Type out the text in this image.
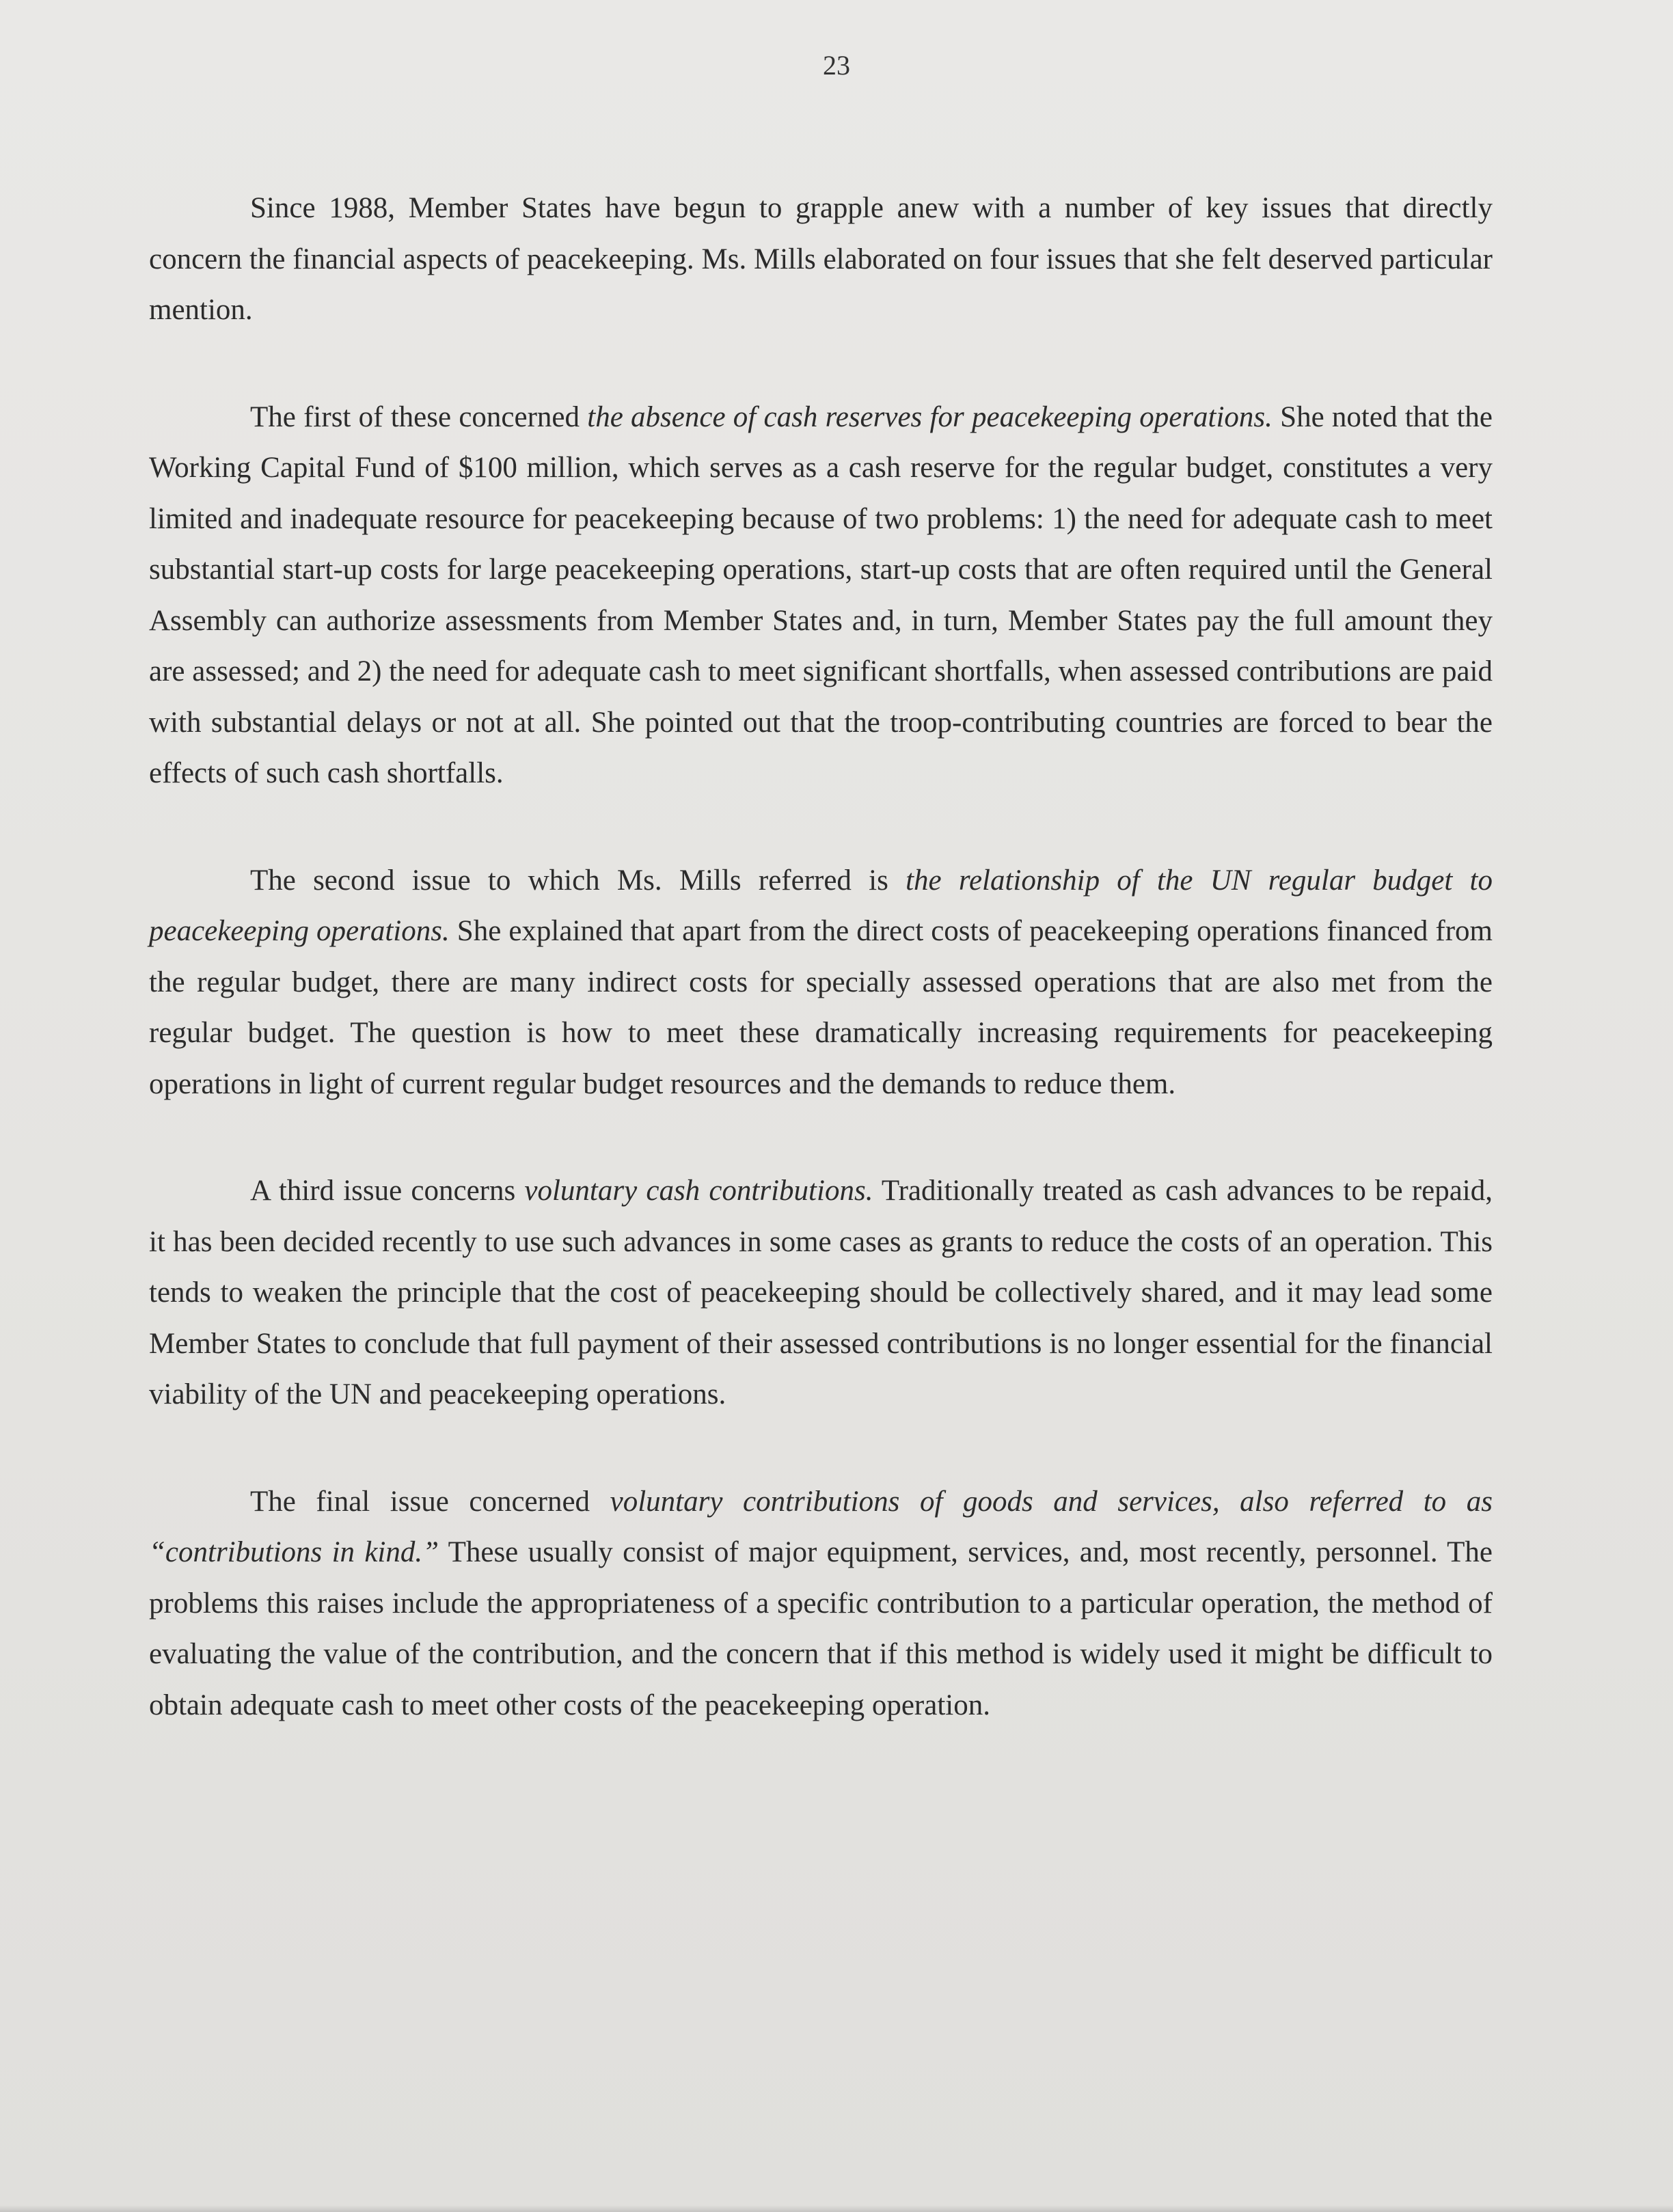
23

Since 1988, Member States have begun to grapple anew with a number of key issues that directly concern the financial aspects of peacekeeping. Ms. Mills elaborated on four issues that she felt deserved particular mention.

The first of these concerned the absence of cash reserves for peacekeeping operations. She noted that the Working Capital Fund of $100 million, which serves as a cash reserve for the regular budget, constitutes a very limited and inadequate resource for peacekeeping because of two problems: 1) the need for adequate cash to meet substantial start-up costs for large peacekeeping operations, start-up costs that are often required until the General Assembly can authorize assessments from Member States and, in turn, Member States pay the full amount they are assessed; and 2) the need for adequate cash to meet significant shortfalls, when assessed contributions are paid with substantial delays or not at all. She pointed out that the troop-contributing countries are forced to bear the effects of such cash shortfalls.

The second issue to which Ms. Mills referred is the relationship of the UN regular budget to peacekeeping operations. She explained that apart from the direct costs of peacekeeping operations financed from the regular budget, there are many indirect costs for specially assessed operations that are also met from the regular budget. The question is how to meet these dramatically increasing requirements for peacekeeping operations in light of current regular budget resources and the demands to reduce them.

A third issue concerns voluntary cash contributions. Traditionally treated as cash advances to be repaid, it has been decided recently to use such advances in some cases as grants to reduce the costs of an operation. This tends to weaken the principle that the cost of peacekeeping should be collectively shared, and it may lead some Member States to conclude that full payment of their assessed contributions is no longer essential for the financial viability of the UN and peacekeeping operations.

The final issue concerned voluntary contributions of goods and services, also referred to as “contributions in kind.” These usually consist of major equipment, services, and, most recently, personnel. The problems this raises include the appropriateness of a specific contribution to a particular operation, the method of evaluating the value of the contribution, and the concern that if this method is widely used it might be difficult to obtain adequate cash to meet other costs of the peacekeeping operation.
